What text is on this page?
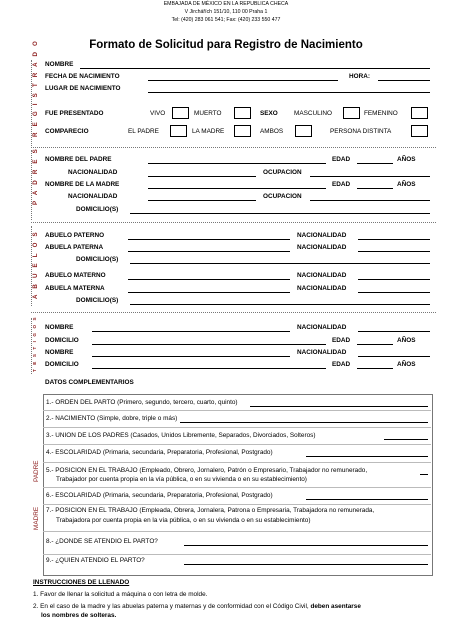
EMBAJADA DE MÉXICO EN LA REPUBLICA CHECA
V Jirchářích 151/10, 110 00 Praha 1
Tel: (420) 283 061 541; Fax: (420) 233 550 477
Formato de Solicitud para Registro de Nacimiento
R E G I S T R A D O NOMBRE
FECHA DE NACIMIENTO	HORA:
LUGAR DE NACIMIENTO
FUE PRESENTADO	VIVO	MUERTO	SEXO	MASCULINO	FEMENINO
COMPARECIO	EL PADRE	LA MADRE	AMBOS	PERSONA DISTINTA
P A D R E S NOMBRE DEL PADRE	EDAD	AÑOS
NACIONALIDAD	OCUPACION
NOMBRE DE LA MADRE	EDAD	AÑOS
NACIONALIDAD	OCUPACION
DOMICILIO(S)
A B U E L O S ABUELO PATERNO	NACIONALIDAD
ABUELA PATERNA	NACIONALIDAD
DOMICILIO(S)
ABUELO MATERNO	NACIONALIDAD
ABUELA MATERNA	NACIONALIDAD
DOMICILIO(S)
T E S T I G O S NOMBRE	NACIONALIDAD
DOMICILIO	EDAD	AÑOS
NOMBRE	NACIONALIDAD
DOMICILIO	EDAD	AÑOS
DATOS COMPLEMENTARIOS
PADRE
MADRE
1.- ORDEN DEL PARTO (Primero, segundo, tercero, cuarto, quinto)
2.- NACIMIENTO (Simple, dobre, triple o más)
3.- UNION DE LOS PADRES (Casados, Unidos Libremente, Separados, Divorciados, Solteros)
4.- ESCOLARIDAD (Primaria, secundaria, Preparatoria, Profesional, Postgrado)
5.- POSICION EN EL TRABAJO (Empleado, Obrero, Jornalero, Patrón o Empresario, Trabajador no remunerado,
Trabajador por cuenta propia en la vía pública, o en su vivienda o en su establecimiento)
6.- ESCOLARIDAD (Primaria, secundaria, Preparatoria, Profesional, Postgrado)
7.- POSICION EN EL TRABAJO (Empleada, Obrera, Jornalera, Patrona o Empresaria, Trabajadora no remunerada,
Trabajadora por cuenta propia en la vía pública, o en su vivienda o en su establecimiento)
8.- ¿DONDE SE ATENDIO EL PARTO?
9.- ¿QUIEN ATENDIO EL PARTO?
INSTRUCCIONES DE LLENADO
1. Favor de llenar la solicitud a máquina o con letra de molde.
2. En el caso de la madre y las abuelas paterna y maternas y de conformidad con el Código Civil, deben asentarse
los nombres de solteras.
